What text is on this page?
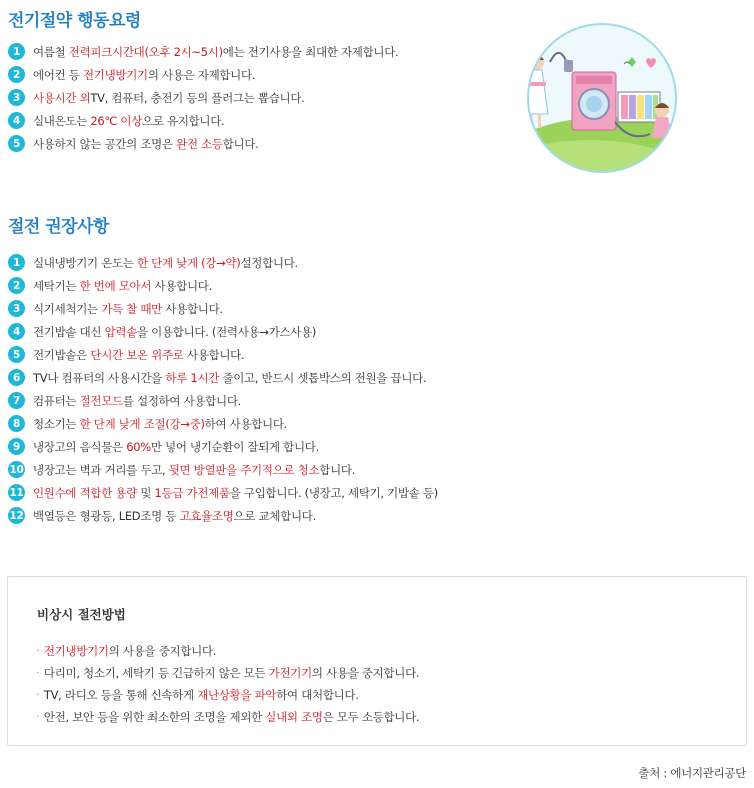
전기절약 행동요령
1	여름철 전력피크시간대(오후 2시~5시)에는 전기사용을 최대한 자제합니다.
2	에어컨 등 전기냉방기기의 사용은 자제합니다.
3	사용시간 외TV, 컴퓨터, 충전기 등의 플러그는 뽑습니다.
4	실내온도는 26℃ 이상으로 유지합니다.
5	사용하지 않는 공간의 조명은 완전 소등합니다.
절전 권장사항
1	실내냉방기기 온도는 한 단계 낮게 (강→약)설정합니다.
2	세탁기는 한 번에 모아서 사용합니다.
3	식기세척기는 가득 찰 때만 사용합니다.
4	전기밥솥 대신 압력솥을 이용합니다. (전력사용→가스사용)
5	전기밥솥은 단시간 보온 위주로 사용합니다.
6	TV나 컴퓨터의 사용시간을 하루 1시간 줄이고, 반드시 셋톱박스의 전원을 끕니다.
7	컴퓨터는 절전모드를 설정하여 사용합니다.
8	청소기는 한 단계 낮게 조절(강→중)하여 사용합니다.
9	냉장고의 음식물은 60%만 넣어 냉기순환이 잘되게 합니다.
10 냉장고는 벽과 거리를 두고, 뒷면 방열판을 주기적으로 청소합니다.
11 인원수에 적합한 용량 및 1등급 가전제품을 구입합니다. (냉장고, 세탁기, 기밥솥 등)
12 백열등은 형광등, LED조명 등 고효율조명으로 교체합니다.
비상시 절전방법
· 전기냉방기기의 사용을 중지합니다.
· 다리미, 청소기, 세탁기 등 긴급하지 않은 모든 가전기기의 사용을 중지합니다.
· TV, 라디오 등을 통해 신속하게 재난상황을 파악하여 대처합니다.
· 안전, 보안 등을 위한 최소한의 조명을 제외한 실내외 조명은 모두 소등합니다.
출처 : 에너지관리공단
